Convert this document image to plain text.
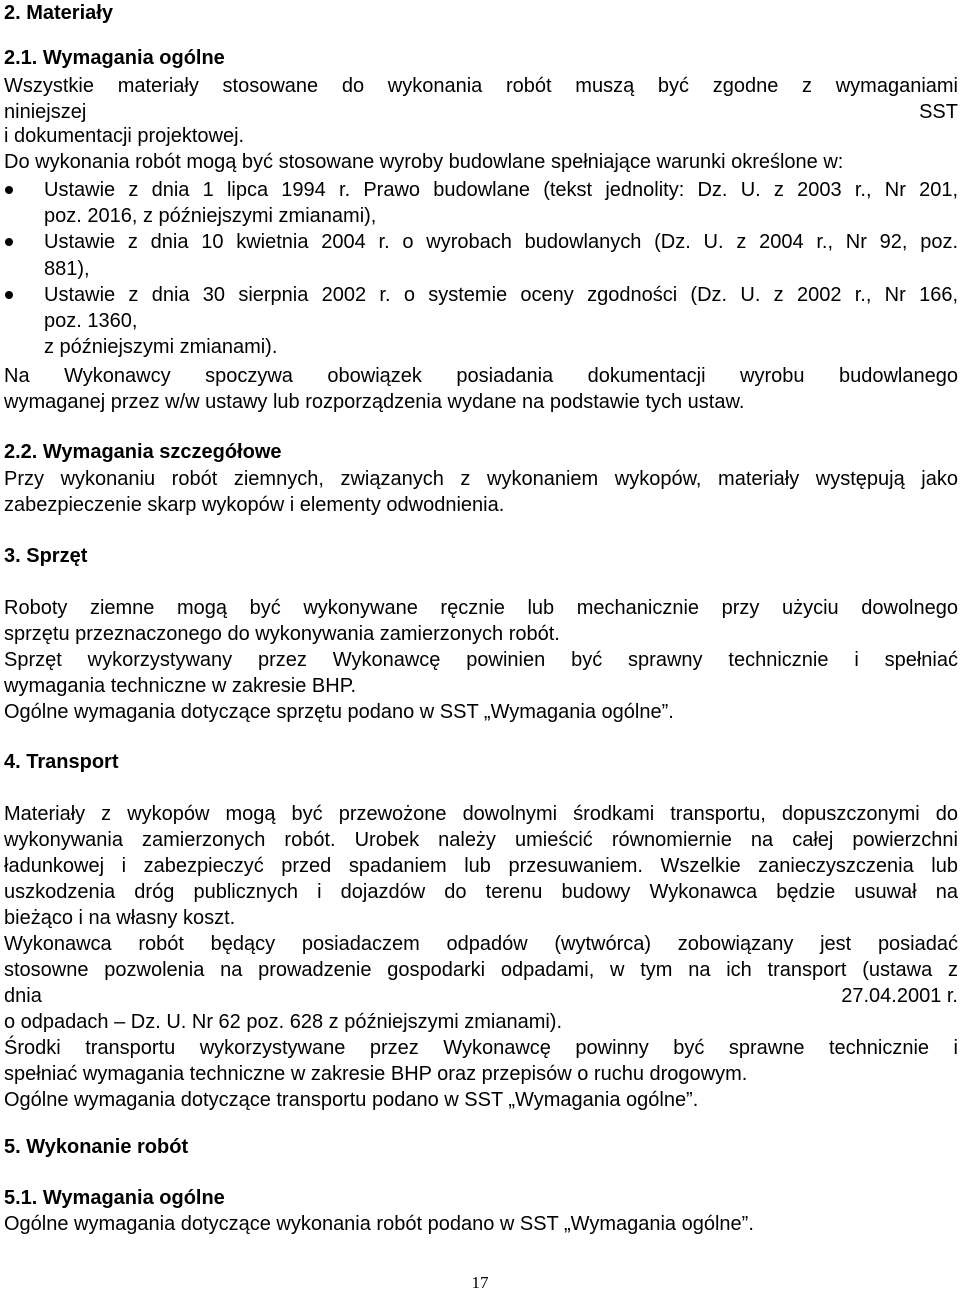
2. Materiały

2.1. Wymagania ogólne

Wszystkie materiały stosowane do wykonania robót muszą być zgodne z wymaganiami

niniejszej	SST

i dokumentacji projektowej.

Do wykonania robót mogą być stosowane wyroby budowlane spełniające warunki określone w:

Ustawie z dnia 1 lipca 1994 r. Prawo budowlane (tekst jednolity: Dz. U. z 2003 r., Nr 201,

poz. 2016, z późniejszymi zmianami),

Ustawie z dnia 10 kwietnia 2004 r. o wyrobach budowlanych (Dz. U. z 2004 r., Nr 92, poz.

881),

Ustawie z dnia 30 sierpnia 2002 r. o systemie oceny zgodności (Dz. U. z 2002 r., Nr 166,

poz. 1360,

z późniejszymi zmianami).

Na Wykonawcy spoczywa obowiązek posiadania dokumentacji wyrobu budowlanego

wymaganej przez w/w ustawy lub rozporządzenia wydane na podstawie tych ustaw.

2.2. Wymagania szczegółowe

Przy wykonaniu robót ziemnych, związanych z wykonaniem wykopów, materiały występują jako

zabezpieczenie skarp wykopów i elementy odwodnienia.

3. Sprzęt

Roboty ziemne mogą być wykonywane ręcznie lub mechanicznie przy użyciu dowolnego

sprzętu przeznaczonego do wykonywania zamierzonych robót.

Sprzęt wykorzystywany przez Wykonawcę powinien być sprawny technicznie i spełniać

wymagania techniczne w zakresie BHP.

Ogólne wymagania dotyczące sprzętu podano w SST „Wymagania ogólne”.

4. Transport

Materiały z wykopów mogą być przewożone dowolnymi środkami transportu, dopuszczonymi do

wykonywania zamierzonych robót. Urobek należy umieścić równomiernie na całej powierzchni

ładunkowej i zabezpieczyć przed spadaniem lub przesuwaniem. Wszelkie zanieczyszczenia lub

uszkodzenia dróg publicznych i dojazdów do terenu budowy Wykonawca będzie usuwał na

bieżąco i na własny koszt.

Wykonawca robót będący posiadaczem odpadów (wytwórca) zobowiązany jest posiadać

stosowne pozwolenia na prowadzenie gospodarki odpadami, w tym na ich transport (ustawa z

dnia	27.04.2001 r.

o odpadach – Dz. U. Nr 62 poz. 628 z późniejszymi zmianami).

Środki transportu wykorzystywane przez Wykonawcę powinny być sprawne technicznie i

spełniać wymagania techniczne w zakresie BHP oraz przepisów o ruchu drogowym.

Ogólne wymagania dotyczące transportu podano w SST „Wymagania ogólne”.

5. Wykonanie robót

5.1. Wymagania ogólne

Ogólne wymagania dotyczące wykonania robót podano w SST „Wymagania ogólne”.

17
